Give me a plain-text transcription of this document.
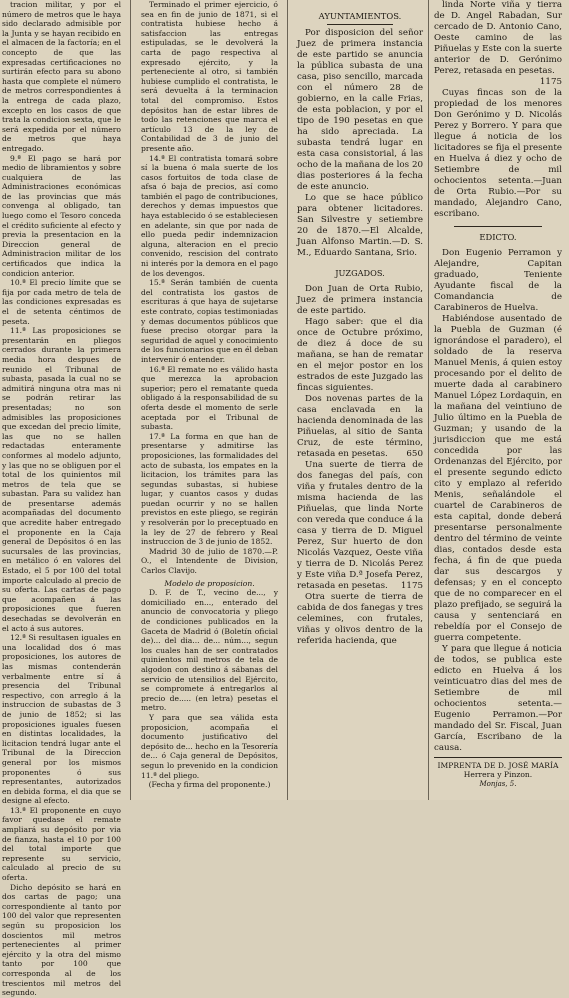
tracion militar, y por el número de metros que le haya sido declarado admisible por la Junta y se hayan recibido en el almacen de la factoría; en el concepto de que las expresadas certificaciones no surtirán efecto para su abono hasta que complete el número de metros correspondientes á la entrega de cada plazo, excepto en los casos de que trata la condicion sexta, que le será expedida por el número de metros que haya entregado.

9.ª El pago se hará por medio de libramientos y sobre cualquiera de las Administraciones económicas de las provincias que más convenga al obligado, tan luego como el Tesoro conceda el crédito suficiente al efecto y previa la presentacion en la Direccion general de Administracion militar de los certificados que indica la condicion anterior.

10.ª El precio límite que se fija por cada metro de tela de las condiciones expresadas es el de setenta céntimos de peseta.

11.ª Las proposiciones se presentarán en pliegos cerrados durante la primera media hora despues de reunido el Tribunal de subasta, pasada la cual no se admitirá ninguna otra mas ni se podrán retirar las presentadas; no son admisibles las proposiciones que excedan del precio límite, las que no se hallen redactadas enteramente conformes al modelo adjunto, y las que no se obliguen por el total de los quinientos mil metros de tela que se subastan. Para su validez han de presentarse además acompañadas del documento que acredite haber entregado el proponente en la Caja general de Depósitos ó en las sucursales de las provincias, en metálico ó en valores del Estado, el 5 por 100 del total importe calculado al precio de su oferta. Las cartas de pago que acompañen á las proposiciones que fueren desechadas se devolverán en el acto á sus autores.

12.ª Si resultasen iguales en una localidad dos ó mas proposiciones, los autores de las mismas contenderán verbalmente entre sí á presencia del Tribunal respectivo, con arreglo á la instruccion de subastas de 3 de junio de 1852; si las proposiciones iguales fuesen en distintas localidades, la licitacion tendrá lugar ante el Tribunal de la Direccion general por los mismos proponentes ó sus representantes, autorizados en debida forma, el dia que se designe al efecto.

13.ª El proponente en cuyo favor quedase el remate ampliará su depósito por via de fianza, hasta el 10 por 100 del total importe que represente su servicio, calculado al precio de su oferta.

Dicho depósito se hará en dos cartas de pago; una correspondiente al tanto por 100 del valor que representen según su proposicion los doscientos mil metros pertenecientes al primer ejército y la otra del mismo tanto por 100 que corresponda al de los trescientos mil metros del segundo.

Terminado el primer ejercicio, ó sea en fin de junio de 1871, si el contratista hubiese hecho á satisfaccion las entregas estipuladas, se le devolverá la carta de pago respectiva al expresado ejército, y la perteneciente al otro, si también hubiese cumplido el contratista, le será devuelta á la terminacion total del compromiso. Estos depósitos han de estar libres de todo las retenciones que marca el artículo 13 de la ley de Contabilidad de 3 de junio del presente año.

14.ª El contratista tomará sobre sí la buena ó mala suerte de los casos fortuitos de toda clase de afsa ó baja de precios, así como también el pago de contribuciones, derechos y demas impuestos que haya establecido ó se estableciesen en adelante, sin que por nada de ello pueda pedir indemnizacion alguna, alteracion en el precio convenido, rescision del contrato ni interés por la demora en el pago de los devengos.

15.ª Serán también de cuenta del contratista los gastos de escrituras á que haya de sujetarse este contrato, copias testimoniadas y demas documentos públicos que fuese preciso otorgar para la seguridad de aquel y conocimiento de los funcionarios que en él deban intervenir ó entender.

16.ª El remate no es válido hasta que merezca la aprobacion superior; pero el rematante queda obligado á la responsabilidad de su oferta desde el momento de serle aceptada por el Tribunal de subasta.

17.ª La forma en que han de presentarse y admitirse las proposiciones, las formalidades del acto de subasta, los empates en la licitacion, los trámites para las segundas subastas, si hubiese lugar, y cuantos casos y dudas puedan ocurrir y no se hallen previstos en este pliego, se regirán y resolverán por lo preceptuado en la ley de 27 de febrero y Real instruccion de 3 de junio de 1852.

Madrid 30 de julio de 1870.—P. O., el Intendente de Division, Carlos Clavijo.

Modelo de proposicion.

D. F. de T., vecino de..., y domiciliado en..., enterado del anuncio de convocatoria y pliego de condiciones publicados en la Gaceta de Madrid ó (Boletín oficial de)... del dia... de... núm..., segun los cuales han de ser contratados quinientos mil metros de tela de algodon con destino á sábanas del servicio de utensilios del Ejército, se compromete á entregarlos al precio de..... (en letra) pesetas el metro.

Y para que sea válida esta proposicion, acompaña el documento justificativo del depósito de... hecho en la Tesorería de... ó Caja general de Depósitos, segun lo prevenido en la condicion 11.ª del pliego.

(Fecha y firma del proponente.)

AYUNTAMIENTOS.

Por disposicion del señor Juez de primera instancia de este partido se anuncia la pública subasta de una casa, piso sencillo, marcada con el número 28 de gobierno, en la calle Frias, de esta poblacion, y por el tipo de 190 pesetas en que ha sido apreciada. La subasta tendrá lugar en esta casa consistorial, á las ocho de la mañana de los 20 dias posteriores á la fecha de este anuncio.

Lo que se hace público para obtener licitadores. San Silvestre y setiembre 20 de 1870.—El Alcalde, Juan Alfonso Martin.—D. S. M., Eduardo Santana, Srio.

JUZGADOS.

Don Juan de Orta Rubio, Juez de primera instancia de este partido.

Hago saber: que el dia once de Octubre próximo, de diez á doce de su mañana, se han de rematar en el mejor postor en los estrados de este Juzgado las fincas siguientes.

Dos novenas partes de la casa enclavada en la hacienda denominada de las Piñuelas, al sitio de Santa Cruz, de este término, retasada en pesetas.	650

Una suerte de tierra de dos fanegas del país, con viña y frutales dentro de la misma hacienda de las Piñuelas, que linda Norte con vereda que conduce á la casa y tierra de D. Miguel Perez, Sur huerto de don Nicolás Vazquez, Oeste viña y tierra de D. Nicolás Perez y Este viña D.ª Josefa Perez, retasada en pesetas.	1175

Otra suerte de tierra de cabida de dos fanegas y tres celemines, con frutales, viñas y olivos dentro de la referida hacienda, que

linda Norte viña y tierra de D. Angel Rabadan, Sur cercado de D. Antonio Cano, Oeste camino de las Piñuelas y Este con la suerte anterior de D. Gerónimo Perez, retasada en pesetas.
1175

Cuyas fincas son de la propiedad de los menores Don Gerónimo y D. Nicolás Perez y Borrero. Y para que llegue á noticia de los licitadores se fija el presente en Huelva á diez y ocho de Setiembre de mil ochocientos setenta.—Juan de Orta Rubio.—Por su mandado, Alejandro Cano, escribano.

EDICTO.

Don Eugenio Perramon y Alejandre, Capitan graduado, Teniente Ayudante fiscal de la Comandancia de Carabineros de Huelva.

Habiéndose ausentado de la Puebla de Guzman (é ignorándose el paradero), el soldado de la reserva Manuel Menis, á quien estoy procesando por el delito de muerte dada al carabinero Manuel López Lordaquin, en la mañana del veintiuno de Julio último en la Puebla de Guzman; y usando de la jurisdiccion que me está concedida por las Ordenanzas del Ejército, por el presente segundo edicto cito y emplazo al referido Menis, señalándole el cuartel de Carabineros de esta capital, donde deberá presentarse personalmente dentro del término de veinte dias, contados desde esta fecha, á fin de que pueda dar sus descargos y defensas; y en el concepto que de no comparecer en el plazo prefijado, se seguirá la causa y sentenciará en rebeldía por el Consejo de guerra competente.

Y para que llegue á noticia de todos, se publica este edicto en Huelva á los veinticuatro dias del mes de Setiembre de mil ochocientos setenta.—Eugenio Perramon.—Por mandado del Sr. Fiscal, Juan García, Escribano de la causa.

IMPRENTA DE D. JOSÉ MARÍA Herrera y Pinzon.

Monjas, 5.
